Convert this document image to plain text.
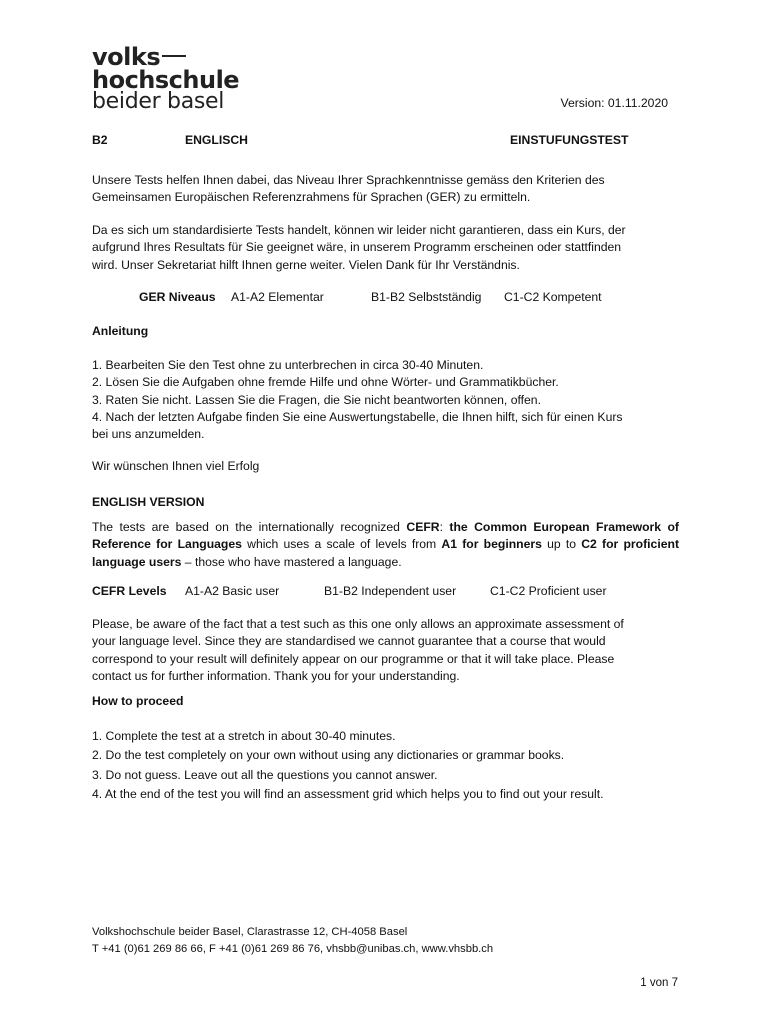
volks
hochschule
beider basel	Version: 01.11.2020
B2	ENGLISCH	EINSTUFUNGSTEST

Unsere Tests helfen Ihnen dabei, das Niveau Ihrer Sprachkenntnisse gemäss den Kriterien des

Gemeinsamen Europäischen Referenzrahmens für Sprachen (GER) zu ermitteln.

Da es sich um standardisierte Tests handelt, können wir leider nicht garantieren, dass ein Kurs, der

aufgrund Ihres Resultats für Sie geeignet wäre, in unserem Programm erscheinen oder stattfinden

wird. Unser Sekretariat hilft Ihnen gerne weiter. Vielen Dank für Ihr Verständnis.

GER Niveaus A1-A2 Elementar	B1-B2 Selbstständig C1-C2 Kompetent
Anleitung

1. Bearbeiten Sie den Test ohne zu unterbrechen in circa 30-40 Minuten.

2. Lösen Sie die Aufgaben ohne fremde Hilfe und ohne Wörter- und Grammatikbücher.

3. Raten Sie nicht. Lassen Sie die Fragen, die Sie nicht beantworten können, offen.

4. Nach der letzten Aufgabe finden Sie eine Auswertungstabelle, die Ihnen hilft, sich für einen Kurs

bei uns anzumelden.

Wir wünschen Ihnen viel Erfolg
ENGLISH VERSION
The tests are based on the internationally recognized CEFR: the Common European Framework of Reference for Languages which uses a scale of levels from A1 for beginners up to C2 for proficient language users – those who have mastered a language.
CEFR Levels A1-A2 Basic user	B1-B2 Independent user	C1-C2 Proficient user

Please, be aware of the fact that a test such as this one only allows an approximate assessment of

your language level. Since they are standardised we cannot guarantee that a course that would

correspond to your result will definitely appear on our programme or that it will take place. Please

contact us for further information. Thank you for your understanding.

How to proceed

1. Complete the test at a stretch in about 30-40 minutes.

2. Do the test completely on your own without using any dictionaries or grammar books.

3. Do not guess. Leave out all the questions you cannot answer.

4. At the end of the test you will find an assessment grid which helps you to find out your result.

Volkshochschule beider Basel, Clarastrasse 12, CH-4058 Basel

T +41 (0)61 269 86 66, F +41 (0)61 269 86 76, vhsbb@unibas.ch, www.vhsbb.ch

1 von 7
